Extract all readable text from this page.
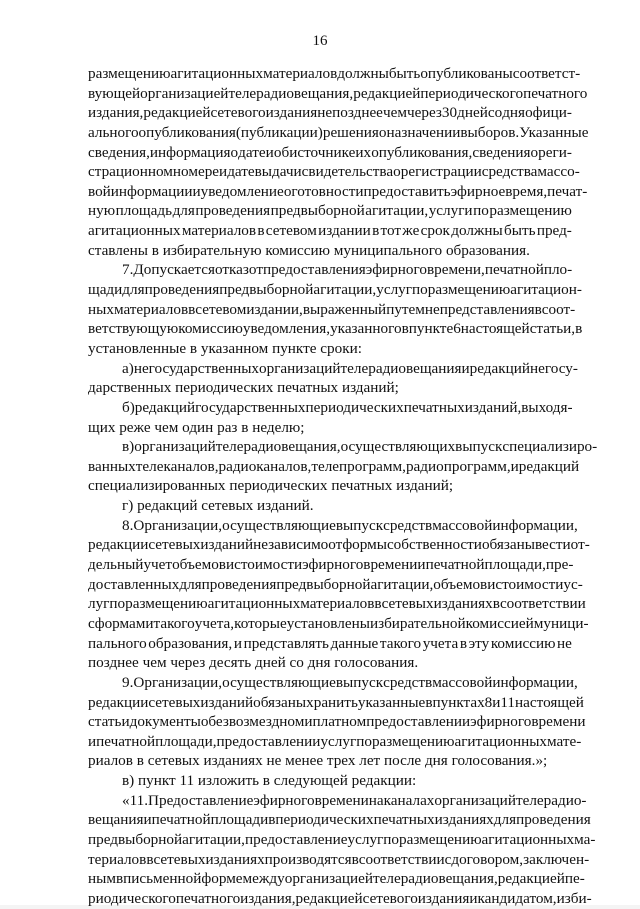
16
размещению агитационных материалов должны быть опубликованы соответст-
вующей организацией телерадиовещания, редакцией периодического печатного
издания, редакцией сетевого издания не позднее чем через 30 дней со дня офици-
ального опубликования (публикации) решения о назначении выборов. Указанные
сведения, информация о дате и об источнике их опубликования, сведения о реги-
страционном номере и дате выдачи свидетельства о регистрации средства массо-
вой информации и уведомление о готовности предоставить эфирное время, печат-
ную площадь для проведения предвыборной агитации, услуги по размещению
агитационных материалов в сетевом издании в тот же срок должны быть пред-
ставлены в избирательную комиссию муниципального образования.
7. Допускается отказ от предоставления эфирного времени, печатной пло-
щади для проведения предвыборной агитации, услуг по размещению агитацион-
ных материалов в сетевом издании, выраженный путем непредставления в соот-
ветствующую комиссию уведомления, указанного в пункте 6 настоящей статьи, в
установленные в указанном пункте сроки:
а) негосударственных организаций телерадиовещания и редакций негосу-
дарственных периодических печатных изданий;
б) редакций государственных периодических печатных изданий, выходя-
щих реже чем один раз в неделю;
в) организаций телерадиовещания, осуществляющих выпуск специализиро-
ванных телеканалов, радиоканалов, телепрограмм, радиопрограмм, и редакций
специализированных периодических печатных изданий;
г) редакций сетевых изданий.
8. Организации, осуществляющие выпуск средств массовой информации,
редакции сетевых изданий независимо от формы собственности обязаны вести от-
дельный учет объемов и стоимости эфирного времени и печатной площади, пре-
доставленных для проведения предвыборной агитации, объемов и стоимости ус-
луг по размещению агитационных материалов в сетевых изданиях в соответствии
с формами такого учета, которые установлены избирательной комиссией муници-
пального образования, и представлять данные такого учета в эту комиссию не
позднее чем через десять дней со дня голосования.
9. Организации, осуществляющие выпуск средств массовой информации,
редакции сетевых изданий обязаны хранить указанные в пунктах 8 и 11 настоящей
статьи документы о безвозмездном и платном предоставлении эфирного времени
и печатной площади, предоставлении услуг по размещению агитационных мате-
риалов в сетевых изданиях не менее трех лет после дня голосования.»;
в) пункт 11 изложить в следующей редакции:
«11. Предоставление эфирного времени на каналах организаций телерадио-
вещания и печатной площади в периодических печатных изданиях для проведения
предвыборной агитации, предоставление услуг по размещению агитационных ма-
териалов в сетевых изданиях производятся в соответствии с договором, заключен-
ным в письменной форме между организацией телерадиовещания, редакцией пе-
риодического печатного издания, редакцией сетевого издания и кандидатом, изби-
